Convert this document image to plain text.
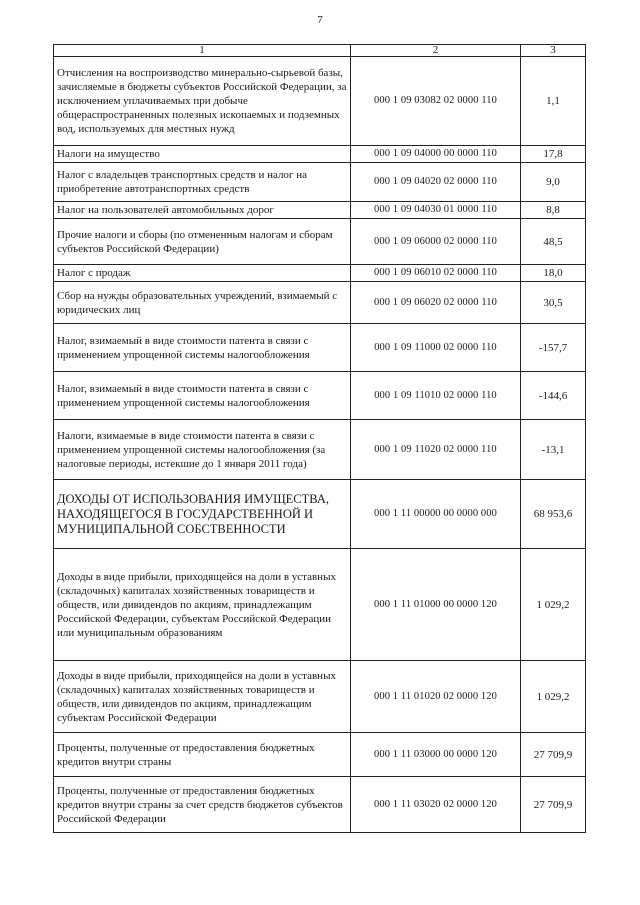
7
1	2	3
Отчисления на воспроизводство минерально-сырьевой базы, зачисляемые в бюджеты субъектов Российской Федерации, за исключением уплачиваемых при добыче общераспространенных полезных ископаемых и подземных вод, используемых для местных нужд	000 1 09 03082 02 0000 110	1,1
Налоги на имущество	000 1 09 04000 00 0000 110	17,8
Налог с владельцев транспортных средств и налог на приобретение автотранспортных средств	000 1 09 04020 02 0000 110	9,0
Налог на пользователей автомобильных дорог	000 1 09 04030 01 0000 110	8,8
Прочие налоги и сборы (по отмененным налогам и сборам субъектов Российской Федерации)	000 1 09 06000 02 0000 110	48,5
Налог с продаж	000 1 09 06010 02 0000 110	18,0
Сбор на нужды образовательных учреждений, взимаемый с юридических лиц	000 1 09 06020 02 0000 110	30,5
Налог, взимаемый в виде стоимости патента в связи с применением упрощенной системы налогообложения	000 1 09 11000 02 0000 110	-157,7
Налог, взимаемый в виде стоимости патента в связи с применением упрощенной системы налогообложения	000 1 09 11010 02 0000 110	-144,6
Налоги, взимаемые в виде стоимости патента в связи с применением упрощенной системы налогообложения (за налоговые периоды, истекшие до 1 января 2011 года)	000 1 09 11020 02 0000 110	-13,1
ДОХОДЫ ОТ ИСПОЛЬЗОВАНИЯ ИМУЩЕСТВА, НАХОДЯЩЕГОСЯ В ГОСУДАРСТВЕННОЙ И МУНИЦИПАЛЬНОЙ СОБСТВЕННОСТИ	000 1 11 00000 00 0000 000	68 953,6
Доходы в виде прибыли, приходящейся на доли в уставных (складочных) капиталах хозяйственных товариществ и обществ, или дивидендов по акциям, принадлежащим Российской Федерации, субъектам Российской Федерации или муниципальным образованиям	000 1 11 01000 00 0000 120	1 029,2
Доходы в виде прибыли, приходящейся на доли в уставных (складочных) капиталах хозяйственных товариществ и обществ, или дивидендов по акциям, принадлежащим субъектам Российской Федерации	000 1 11 01020 02 0000 120	1 029,2
Проценты, полученные от предоставления бюджетных кредитов внутри страны	000 1 11 03000 00 0000 120	27 709,9
Проценты, полученные от предоставления бюджетных кредитов внутри страны за счет средств бюджетов субъектов Российской Федерации	000 1 11 03020 02 0000 120	27 709,9
